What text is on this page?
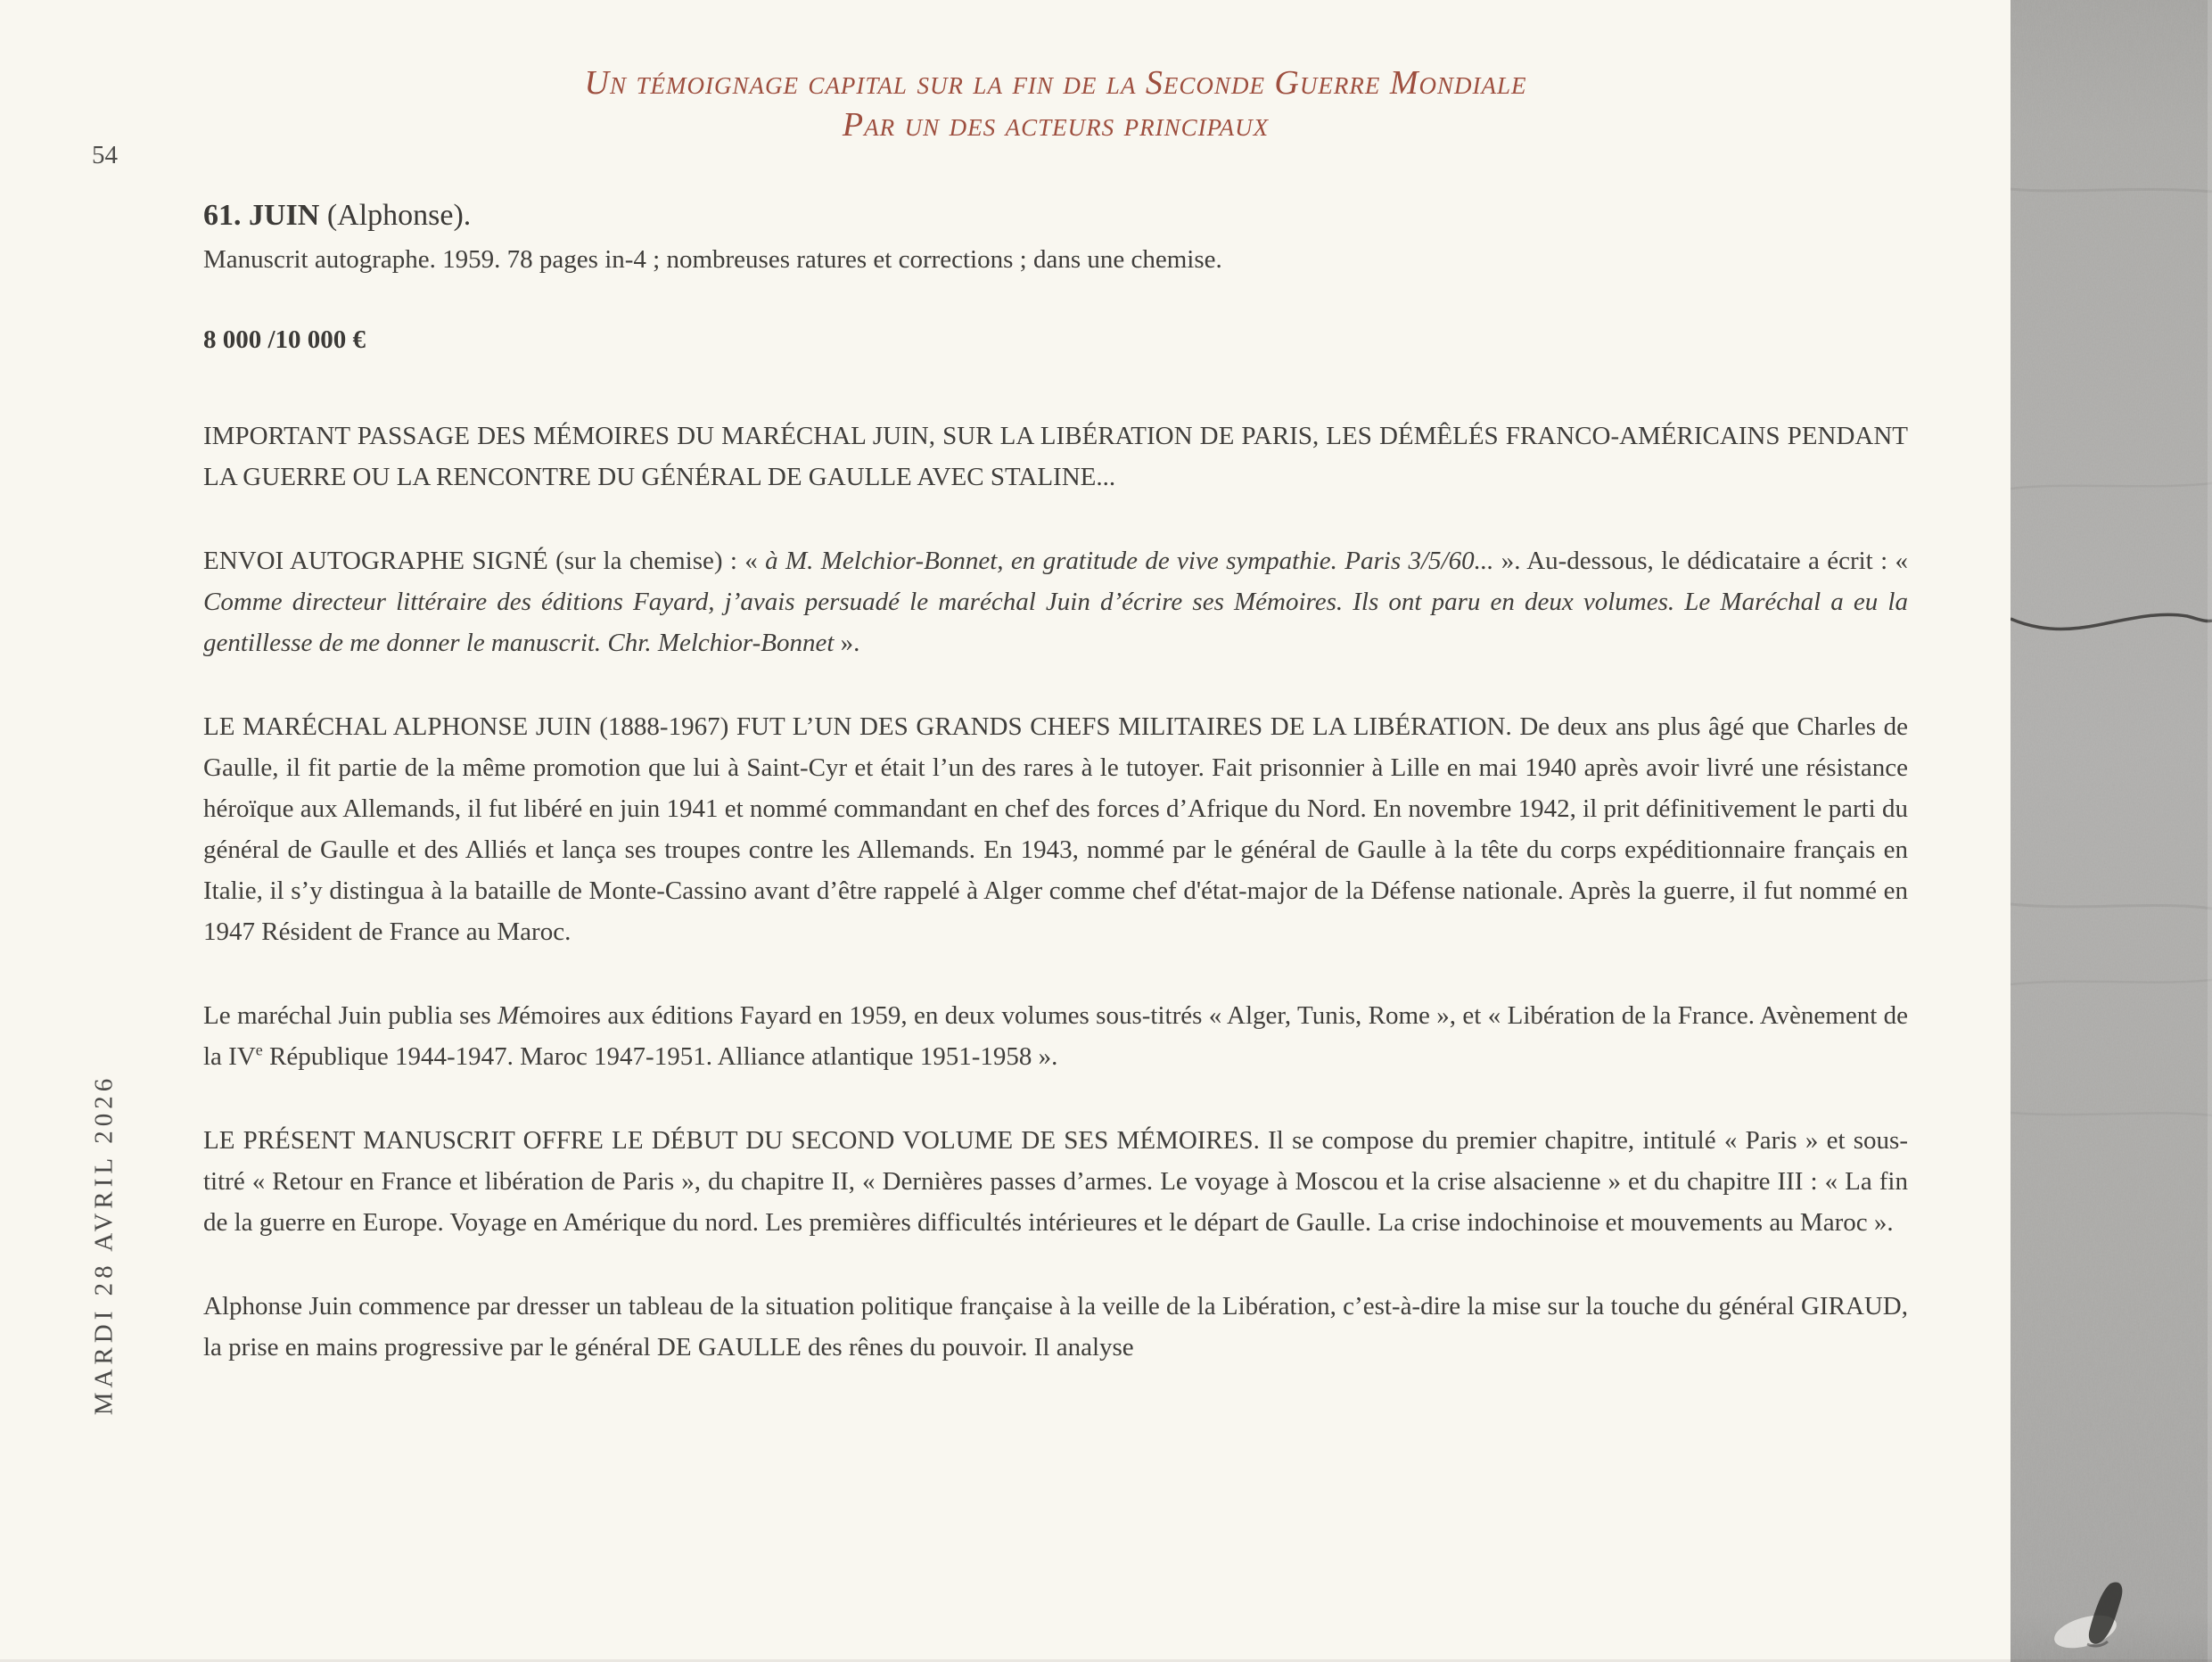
54
MARDI 28 AVRIL 2026
Un témoignage capital sur la fin de la Seconde Guerre Mondiale
Par un des acteurs principaux
61. JUIN (Alphonse).
Manuscrit autographe. 1959. 78 pages in-4 ; nombreuses ratures et corrections ; dans une chemise.
8 000 /10 000 €

IMPORTANT PASSAGE DES MÉMOIRES DU MARÉCHAL JUIN, SUR LA LIBÉRATION DE PARIS, LES DÉMÊLÉS FRANCO-AMÉRICAINS PENDANT LA GUERRE OU LA RENCONTRE DU GÉNÉRAL DE GAULLE AVEC STALINE...

ENVOI AUTOGRAPHE SIGNÉ (sur la chemise) : « à M. Melchior-Bonnet, en gratitude de vive sympathie. Paris 3/5/60... ». Au-dessous, le dédicataire a écrit : « Comme directeur littéraire des éditions Fayard, j’avais persuadé le maréchal Juin d’écrire ses Mémoires. Ils ont paru en deux volumes. Le Maréchal a eu la gentillesse de me donner le manuscrit. Chr. Melchior-Bonnet ».

LE MARÉCHAL ALPHONSE JUIN (1888-1967) FUT L’UN DES GRANDS CHEFS MILITAIRES DE LA LIBÉRATION. De deux ans plus âgé que Charles de Gaulle, il fit partie de la même promotion que lui à Saint-Cyr et était l’un des rares à le tutoyer. Fait prisonnier à Lille en mai 1940 après avoir livré une résistance héroïque aux Allemands, il fut libéré en juin 1941 et nommé commandant en chef des forces d’Afrique du Nord. En novembre 1942, il prit définitivement le parti du général de Gaulle et des Alliés et lança ses troupes contre les Allemands. En 1943, nommé par le général de Gaulle à la tête du corps expéditionnaire français en Italie, il s’y distingua à la bataille de Monte-Cassino avant d’être rappelé à Alger comme chef d'état-major de la Défense nationale. Après la guerre, il fut nommé en 1947 Résident de France au Maroc.

Le maréchal Juin publia ses Mémoires aux éditions Fayard en 1959, en deux volumes sous-titrés « Alger, Tunis, Rome », et « Libération de la France. Avènement de la IVe République 1944-1947. Maroc 1947-1951. Alliance atlantique 1951-1958 ».

LE PRÉSENT MANUSCRIT OFFRE LE DÉBUT DU SECOND VOLUME DE SES MÉMOIRES. Il se compose du premier chapitre, intitulé « Paris » et sous-titré « Retour en France et libération de Paris », du chapitre II, « Dernières passes d’armes. Le voyage à Moscou et la crise alsacienne » et du chapitre III : « La fin de la guerre en Europe. Voyage en Amérique du nord. Les premières difficultés intérieures et le départ de Gaulle. La crise indochinoise et mouvements au Maroc ».

Alphonse Juin commence par dresser un tableau de la situation politique française à la veille de la Libération, c’est-à-dire la mise sur la touche du général GIRAUD, la prise en mains progressive par le général DE GAULLE des rênes du pouvoir. Il analyse
